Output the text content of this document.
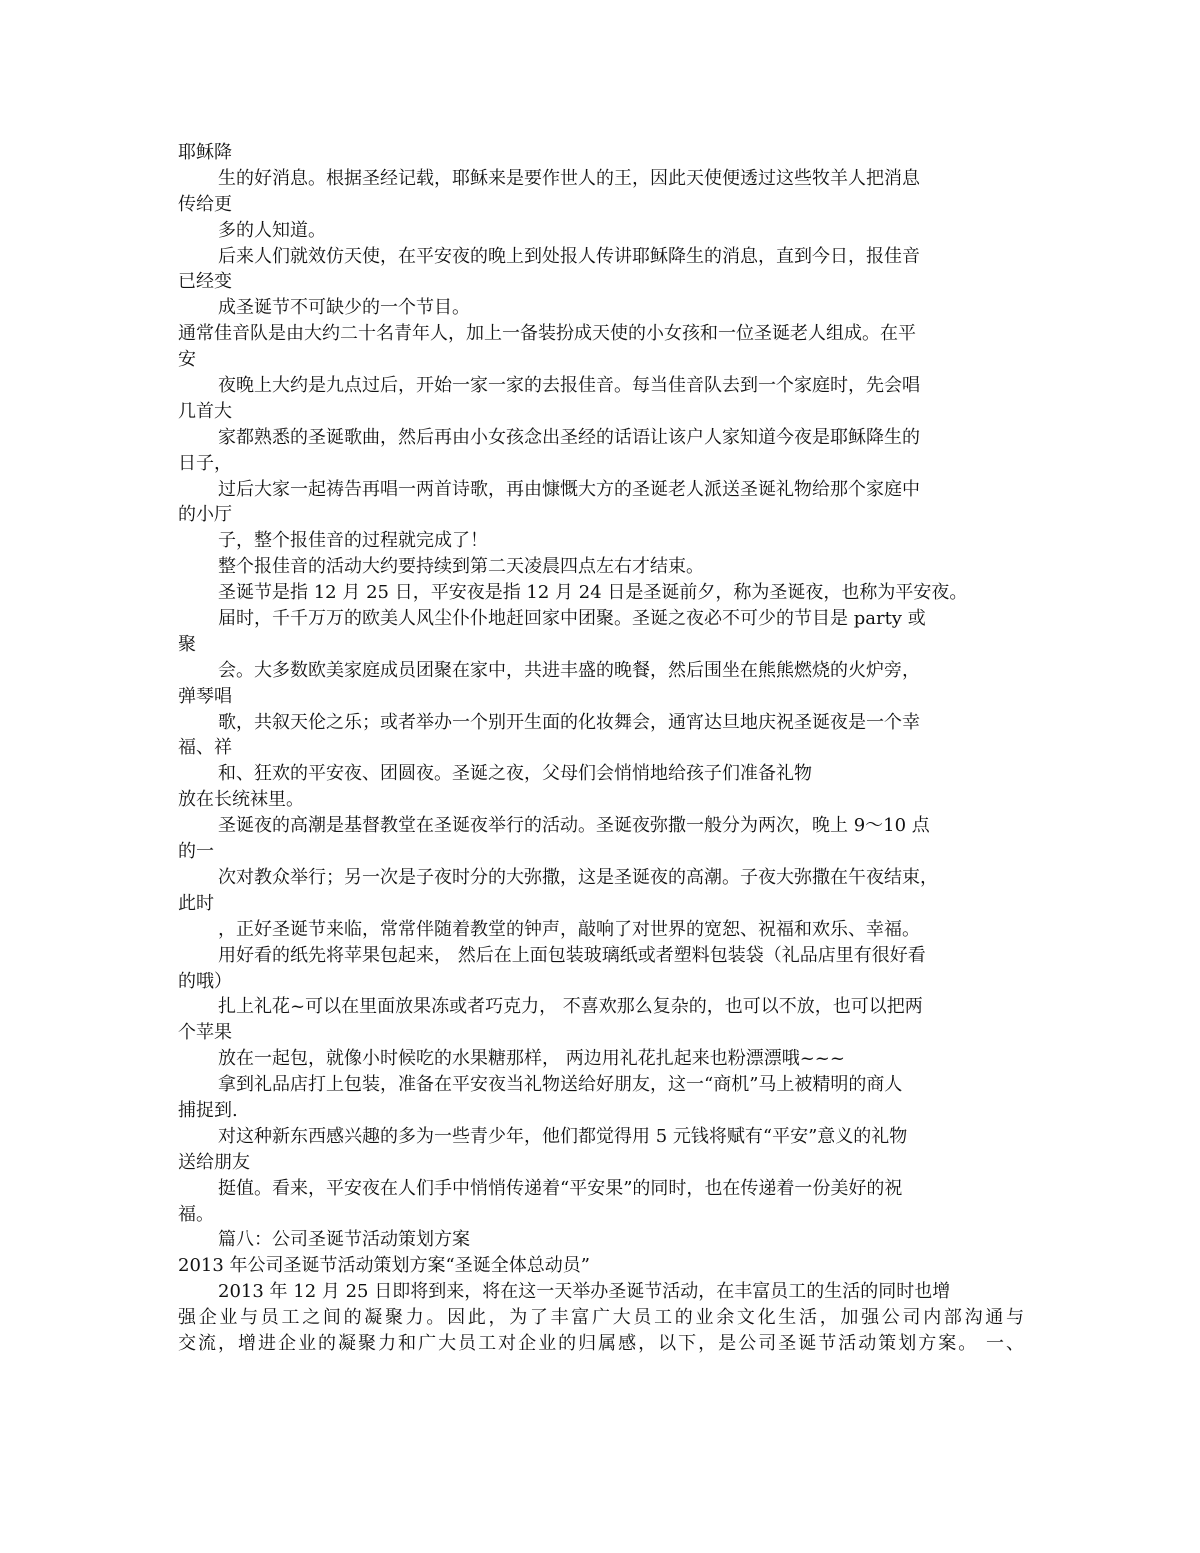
耶稣降
生的好消息。根据圣经记载，耶稣来是要作世人的王，因此天使便透过这些牧羊人把消息
传给更
多的人知道。
后来人们就效仿天使，在平安夜的晚上到处报人传讲耶稣降生的消息，直到今日，报佳音
已经变
成圣诞节不可缺少的一个节目。
通常佳音队是由大约二十名青年人，加上一备装扮成天使的小女孩和一位圣诞老人组成。在平
安
夜晚上大约是九点过后，开始一家一家的去报佳音。每当佳音队去到一个家庭时，先会唱
几首大
家都熟悉的圣诞歌曲，然后再由小女孩念出圣经的话语让该户人家知道今夜是耶稣降生的
日子，
过后大家一起祷告再唱一两首诗歌，再由慷慨大方的圣诞老人派送圣诞礼物给那个家庭中
的小厅
子，整个报佳音的过程就完成了！
整个报佳音的活动大约要持续到第二天凌晨四点左右才结束。
圣诞节是指 12 月 25 日，平安夜是指 12 月 24 日是圣诞前夕，称为圣诞夜，也称为平安夜。
届时，千千万万的欧美人风尘仆仆地赶回家中团聚。圣诞之夜必不可少的节目是 party 或
聚
会。大多数欧美家庭成员团聚在家中，共进丰盛的晚餐，然后围坐在熊熊燃烧的火炉旁，
弹琴唱
歌，共叙天伦之乐；或者举办一个别开生面的化妆舞会，通宵达旦地庆祝圣诞夜是一个幸
福、祥
和、狂欢的平安夜、团圆夜。圣诞之夜，父母们会悄悄地给孩子们准备礼物
放在长统袜里。
圣诞夜的高潮是基督教堂在圣诞夜举行的活动。圣诞夜弥撒一般分为两次，晚上 9～10 点
的一
次对教众举行；另一次是子夜时分的大弥撒，这是圣诞夜的高潮。子夜大弥撒在午夜结束，
此时
，正好圣诞节来临，常常伴随着教堂的钟声，敲响了对世界的宽恕、祝福和欢乐、幸福。
用好看的纸先将苹果包起来， 然后在上面包装玻璃纸或者塑料包装袋（礼品店里有很好看
的哦）
扎上礼花~可以在里面放果冻或者巧克力， 不喜欢那么复杂的，也可以不放，也可以把两
个苹果
放在一起包，就像小时候吃的水果糖那样， 两边用礼花扎起来也粉漂漂哦~~~
拿到礼品店打上包装，准备在平安夜当礼物送给好朋友，这一“商机”马上被精明的商人
捕捉到.
对这种新东西感兴趣的多为一些青少年，他们都觉得用 5 元钱将赋有“平安”意义的礼物
送给朋友
挺值。看来，平安夜在人们手中悄悄传递着“平安果”的同时，也在传递着一份美好的祝
福。
篇八：公司圣诞节活动策划方案
2013 年公司圣诞节活动策划方案“圣诞全体总动员”
2013 年 12 月 25 日即将到来，将在这一天举办圣诞节活动，在丰富员工的生活的同时也增
强企业与员工之间的凝聚力。因此，为了丰富广大员工的业余文化生活，加强公司内部沟通与
交流，增进企业的凝聚力和广大员工对企业的归属感，以下，是公司圣诞节活动策划方案。 一、
